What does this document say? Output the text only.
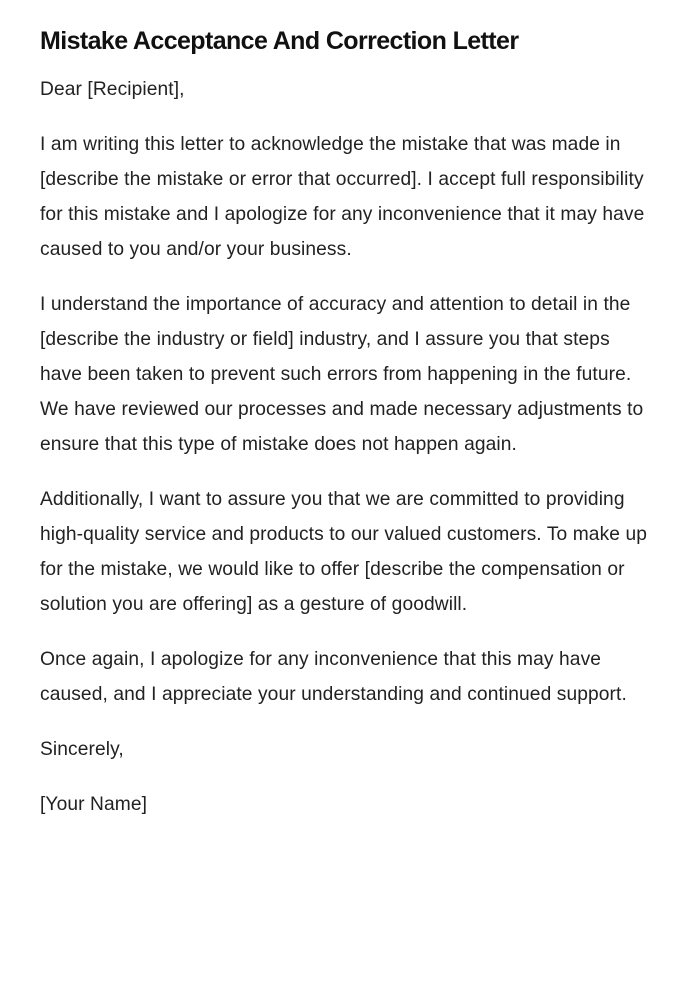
Mistake Acceptance And Correction Letter

Dear [Recipient],

I am writing this letter to acknowledge the mistake that was made in [describe the mistake or error that occurred]. I accept full responsibility for this mistake and I apologize for any inconvenience that it may have caused to you and/or your business.

I understand the importance of accuracy and attention to detail in the [describe the industry or field] industry, and I assure you that steps have been taken to prevent such errors from happening in the future. We have reviewed our processes and made necessary adjustments to ensure that this type of mistake does not happen again.

Additionally, I want to assure you that we are committed to providing high-quality service and products to our valued customers. To make up for the mistake, we would like to offer [describe the compensation or solution you are offering] as a gesture of goodwill.

Once again, I apologize for any inconvenience that this may have caused, and I appreciate your understanding and continued support.

Sincerely,

[Your Name]
